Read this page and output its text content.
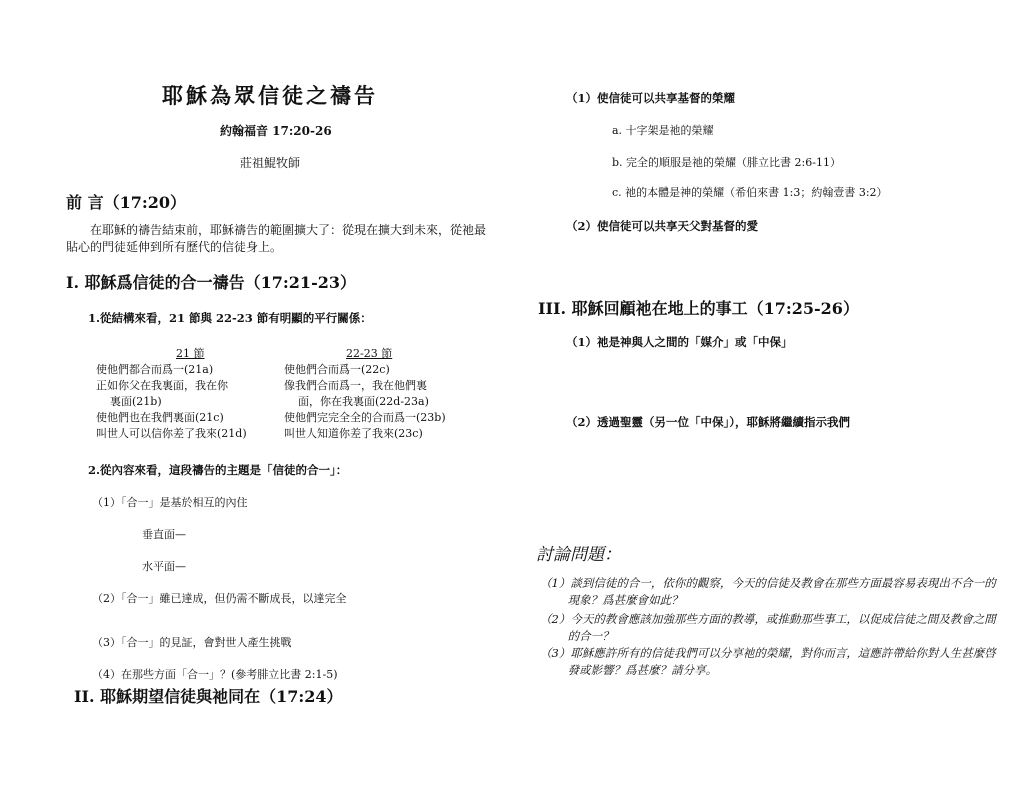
耶穌為眾信徒之禱告
約翰福音 17:20-26
莊祖鯤牧師
前 言（17:20）
在耶穌的禱告結束前，耶穌禱告的範圍擴大了：從現在擴大到未來，從祂最貼心的門徒延伸到所有歷代的信徒身上。
I. 耶穌爲信徒的合一禱告（17:21-23）
1.從結構來看，21 節與 22-23 節有明顯的平行關係：
21 節	22-23 節
使他們都合而爲一(21a)
正如你父在我裏面，我在你
裏面(21b)
使他們也在我們裏面(21c)
叫世人可以信你差了我來(21d)
使他們合而爲一(22c)
像我們合而爲一，我在他們裏
面，你在我裏面(22d-23a)
使他們完完全全的合而爲一(23b)
叫世人知道你差了我來(23c)
2.從內容來看，這段禱告的主題是「信徒的合一」：
（1）「合一」是基於相互的內住
垂直面—
水平面—
（2）「合一」雖已達成，但仍需不斷成長，以達完全
（3）「合一」的見証，會對世人產生挑戰
（4）在那些方面「合一」？(參考腓立比書 2:1-5)
II. 耶穌期望信徒與祂同在（17:24）
（1）使信徒可以共享基督的榮耀
a. 十字架是祂的榮耀
b. 完全的順服是祂的榮耀（腓立比書 2:6-11）
c. 祂的本體是神的榮耀（希伯來書 1:3；約翰壹書 3:2）
（2）使信徒可以共享天父對基督的愛
III. 耶穌回顧祂在地上的事工（17:25-26）
（1）祂是神與人之間的「媒介」或「中保」
（2）透過聖靈（另一位「中保」），耶穌將繼續指示我們
討論問題：
（1）談到信徒的合一，依你的觀察，今天的信徒及教會在那些方面最容易表現出不合一的現象？爲甚麼會如此？
（2）今天的教會應該加強那些方面的教導，或推動那些事工，以促成信徒之間及教會之間的合一？
（3）耶穌應許所有的信徒我們可以分享祂的榮耀，對你而言，這應許帶給你對人生甚麼啓發或影響？爲甚麼？請分享。
